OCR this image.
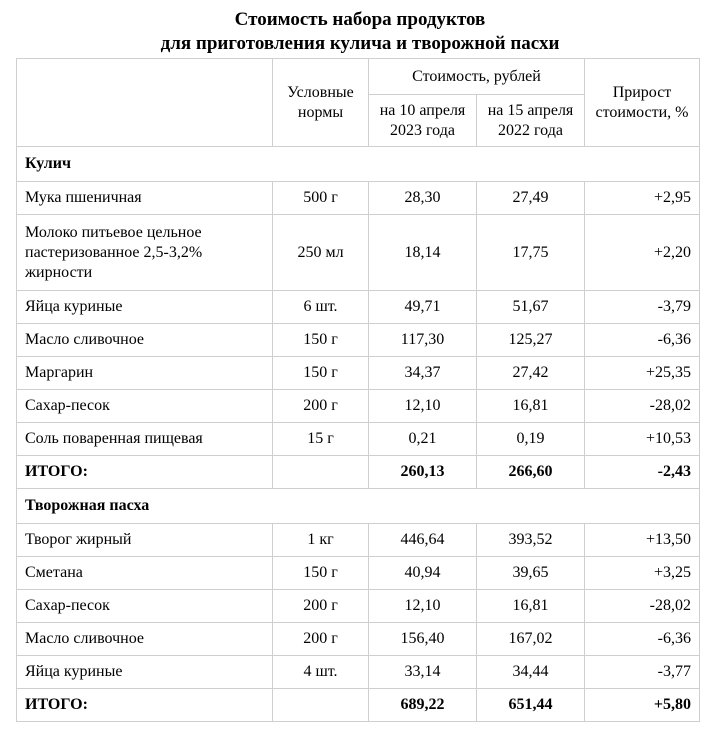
Стоимость набора продуктов
для приготовления кулича и творожной пасхи
	Условные нормы	Стоимость, рублей		Прирост стоимости, %
		на 10 апреля 2023 года	на 15 апреля 2022 года	
Кулич				
Мука пшеничная	500 г	28,30	27,49	+2,95
Молоко питьевое цельное пастеризованное 2,5-3,2% жирности	250 мл	18,14	17,75	+2,20
Яйца куриные	6 шт.	49,71	51,67	-3,79
Масло сливочное	150 г	117,30	125,27	-6,36
Маргарин	150 г	34,37	27,42	+25,35
Сахар-песок	200 г	12,10	16,81	-28,02
Соль поваренная пищевая	15 г	0,21	0,19	+10,53
ИТОГО:		260,13	266,60	-2,43
Творожная пасха				
Творог жирный	1 кг	446,64	393,52	+13,50
Сметана	150 г	40,94	39,65	+3,25
Сахар-песок	200 г	12,10	16,81	-28,02
Масло сливочное	200 г	156,40	167,02	-6,36
Яйца куриные	4 шт.	33,14	34,44	-3,77
ИТОГО:		689,22	651,44	+5,80
